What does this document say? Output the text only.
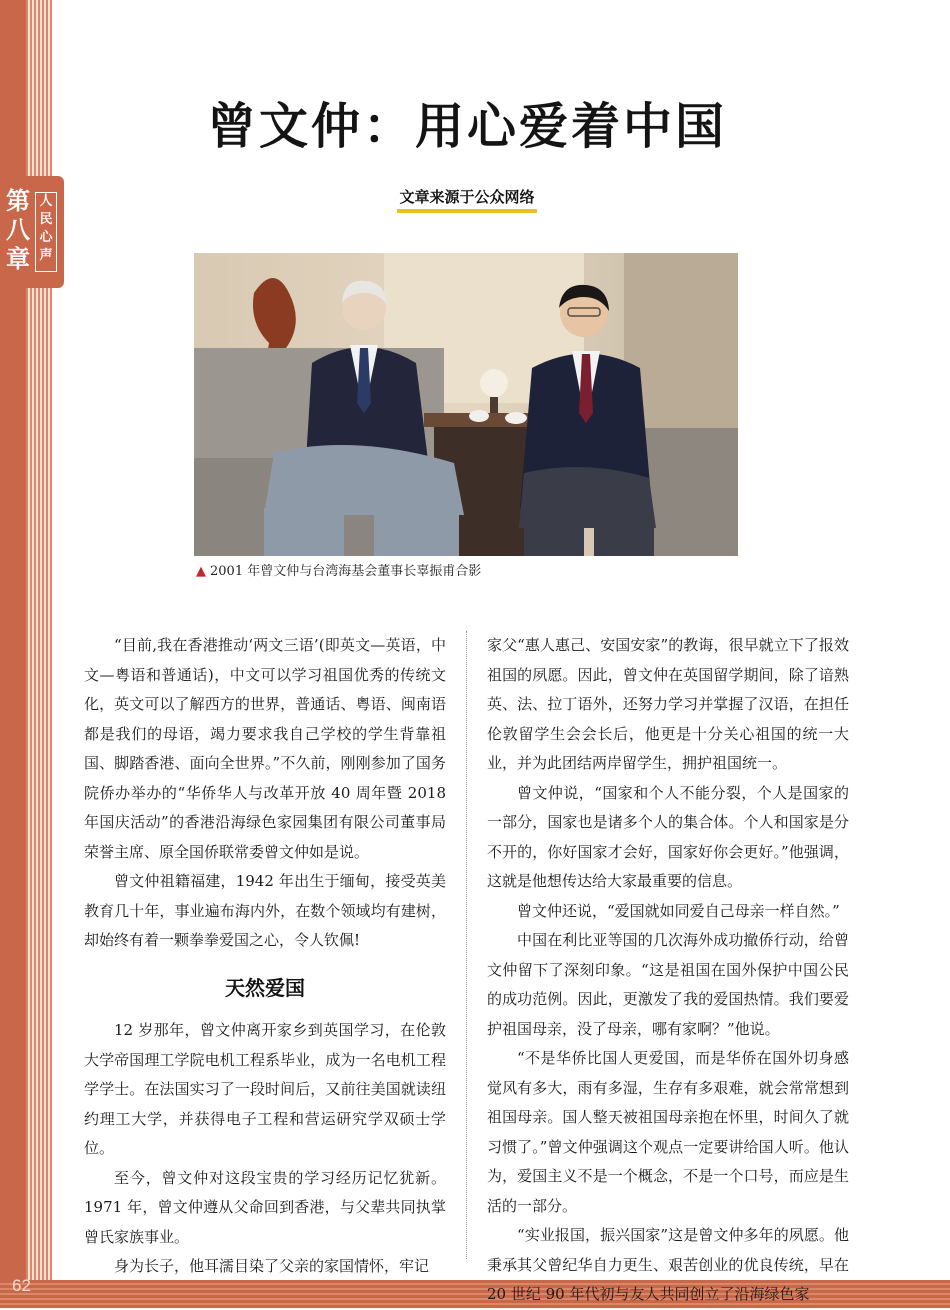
62
第八章
人民心声
曾文仲：用心爱着中国
文章来源于公众网络
▲ 2001 年曾文仲与台湾海基会董事长辜振甫合影

“目前,我在香港推动‘两文三语’(即英文—英语，中文—粤语和普通话)，中文可以学习祖国优秀的传统文化，英文可以了解西方的世界，普通话、粤语、闽南语都是我们的母语，竭力要求我自己学校的学生背靠祖国、脚踏香港、面向全世界。”不久前，刚刚参加了国务院侨办举办的“华侨华人与改革开放 40 周年暨 2018 年国庆活动”的香港沿海绿色家园集团有限公司董事局荣誉主席、原全国侨联常委曾文仲如是说。

曾文仲祖籍福建，1942 年出生于缅甸，接受英美教育几十年，事业遍布海内外，在数个领域均有建树，却始终有着一颗拳拳爱国之心，令人钦佩!

天然爱国

12 岁那年，曾文仲离开家乡到英国学习，在伦敦大学帝国理工学院电机工程系毕业，成为一名电机工程学学士。在法国实习了一段时间后，又前往美国就读纽约理工大学，并获得电子工程和营运研究学双硕士学位。

至今，曾文仲对这段宝贵的学习经历记忆犹新。1971 年，曾文仲遵从父命回到香港，与父辈共同执掌曾氏家族事业。

身为长子，他耳濡目染了父亲的家国情怀，牢记

家父“惠人惠己、安国安家”的教诲，很早就立下了报效祖国的夙愿。因此，曾文仲在英国留学期间，除了谙熟英、法、拉丁语外，还努力学习并掌握了汉语，在担任伦敦留学生会会长后，他更是十分关心祖国的统一大业，并为此团结两岸留学生，拥护祖国统一。

曾文仲说，“国家和个人不能分裂，个人是国家的一部分，国家也是诸多个人的集合体。个人和国家是分不开的，你好国家才会好，国家好你会更好。”他强调，这就是他想传达给大家最重要的信息。

曾文仲还说，“爱国就如同爱自己母亲一样自然。”

中国在利比亚等国的几次海外成功撤侨行动，给曾文仲留下了深刻印象。“这是祖国在国外保护中国公民的成功范例。因此，更激发了我的爱国热情。我们要爱护祖国母亲，没了母亲，哪有家啊？”他说。

“不是华侨比国人更爱国，而是华侨在国外切身感觉风有多大，雨有多湿，生存有多艰难，就会常常想到祖国母亲。国人整天被祖国母亲抱在怀里，时间久了就习惯了。”曾文仲强调这个观点一定要讲给国人听。他认为，爱国主义不是一个概念，不是一个口号，而应是生活的一部分。

“实业报国，振兴国家”这是曾文仲多年的夙愿。他秉承其父曾纪华自力更生、艰苦创业的优良传统，早在 20 世纪 90 年代初与友人共同创立了沿海绿色家
